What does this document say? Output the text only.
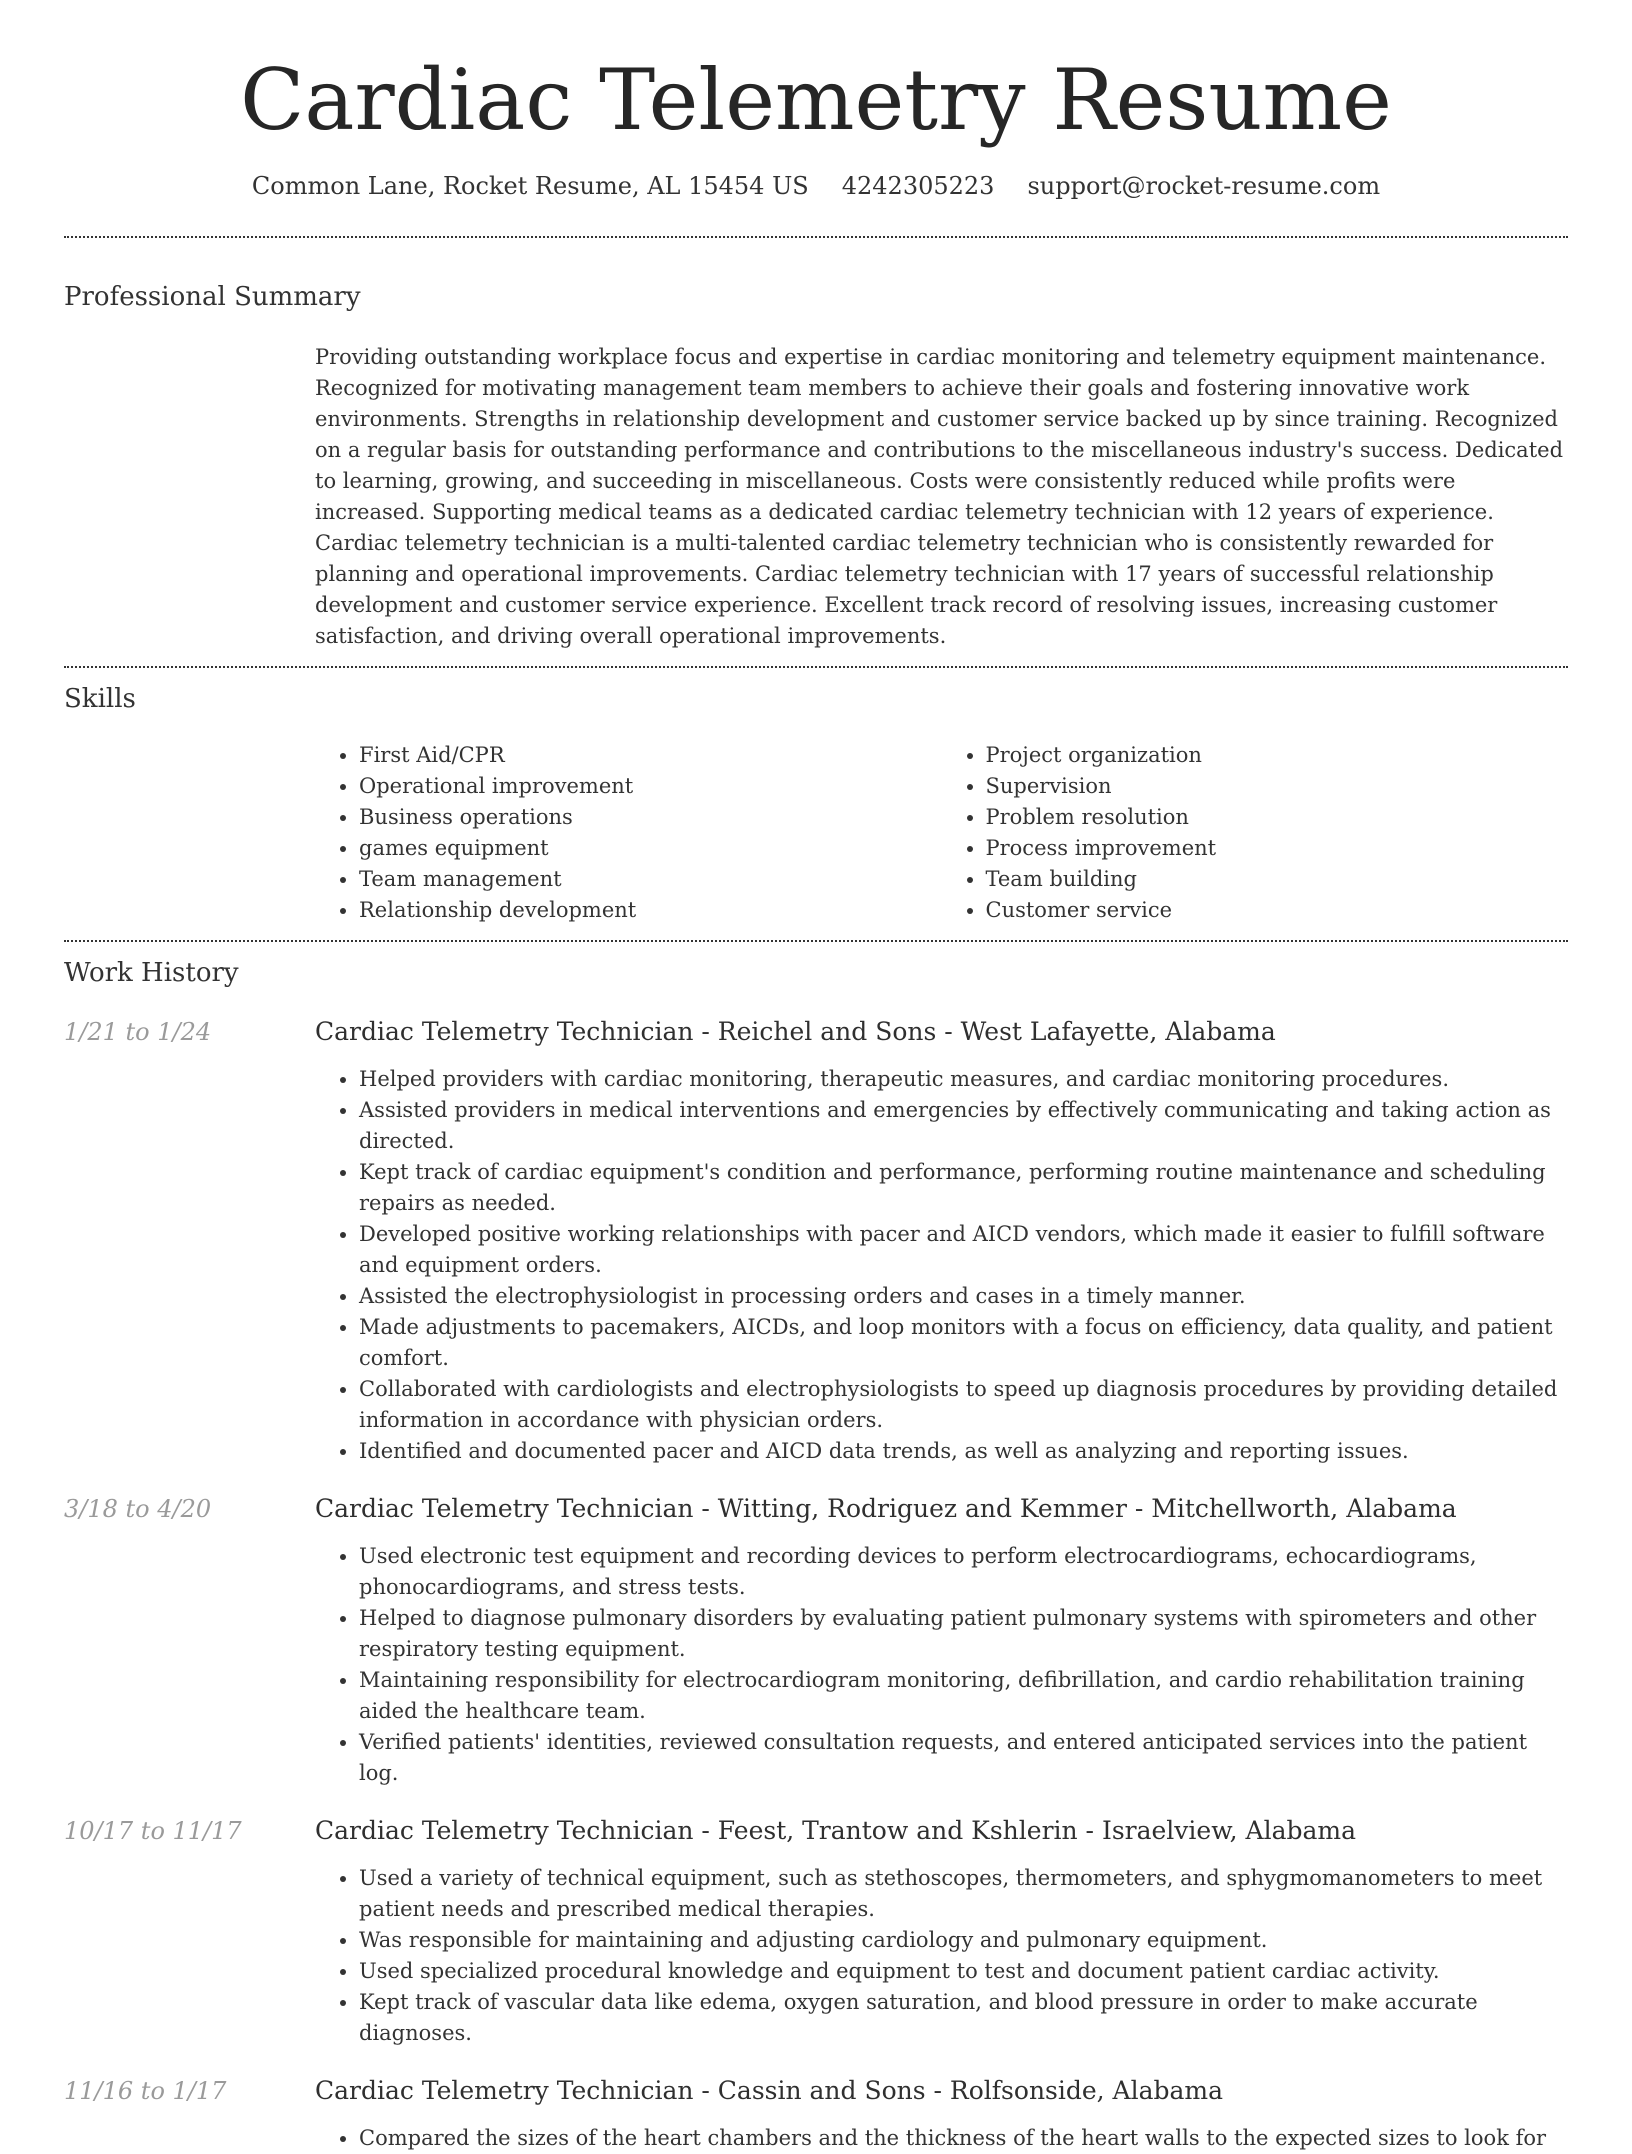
Cardiac Telemetry Resume
Common Lane, Rocket Resume, AL 15454 US 4242305223 support@rocket-resume.com
Professional Summary

Providing outstanding workplace focus and expertise in cardiac monitoring and telemetry equipment maintenance. Recognized for motivating management team members to achieve their goals and fostering innovative work environments. Strengths in relationship development and customer service backed up by since training. Recognized on a regular basis for outstanding performance and contributions to the miscellaneous industry's success. Dedicated to learning, growing, and succeeding in miscellaneous. Costs were consistently reduced while profits were increased. Supporting medical teams as a dedicated cardiac telemetry technician with 12 years of experience. Cardiac telemetry technician is a multi-talented cardiac telemetry technician who is consistently rewarded for planning and operational improvements. Cardiac telemetry technician with 17 years of successful relationship development and customer service experience. Excellent track record of resolving issues, increasing customer satisfaction, and driving overall operational improvements.

Skills
• First Aid/CPR
• Operational improvement
• Business operations
• games equipment
• Team management
• Relationship development
• Project organization
• Supervision
• Problem resolution
• Process improvement
• Team building
• Customer service
Work History
1/21 to 1/24	Cardiac Telemetry Technician - Reichel and Sons - West Lafayette, Alabama
• Helped providers with cardiac monitoring, therapeutic measures, and cardiac monitoring procedures.
• Assisted providers in medical interventions and emergencies by effectively communicating and taking action as directed.
• Kept track of cardiac equipment's condition and performance, performing routine maintenance and scheduling repairs as needed.
• Developed positive working relationships with pacer and AICD vendors, which made it easier to fulfill software and equipment orders.
• Assisted the electrophysiologist in processing orders and cases in a timely manner.
• Made adjustments to pacemakers, AICDs, and loop monitors with a focus on efficiency, data quality, and patient comfort.
• Collaborated with cardiologists and electrophysiologists to speed up diagnosis procedures by providing detailed information in accordance with physician orders.
• Identified and documented pacer and AICD data trends, as well as analyzing and reporting issues.
3/18 to 4/20	Cardiac Telemetry Technician - Witting, Rodriguez and Kemmer - Mitchellworth, Alabama
• Used electronic test equipment and recording devices to perform electrocardiograms, echocardiograms, phonocardiograms, and stress tests.
• Helped to diagnose pulmonary disorders by evaluating patient pulmonary systems with spirometers and other respiratory testing equipment.
• Maintaining responsibility for electrocardiogram monitoring, defibrillation, and cardio rehabilitation training aided the healthcare team.
• Verified patients' identities, reviewed consultation requests, and entered anticipated services into the patient log.
10/17 to 11/17	Cardiac Telemetry Technician - Feest, Trantow and Kshlerin - Israelview, Alabama
• Used a variety of technical equipment, such as stethoscopes, thermometers, and sphygmomanometers to meet patient needs and prescribed medical therapies.
• Was responsible for maintaining and adjusting cardiology and pulmonary equipment.
• Used specialized procedural knowledge and equipment to test and document patient cardiac activity.
• Kept track of vascular data like edema, oxygen saturation, and blood pressure in order to make accurate diagnoses.
11/16 to 1/17	Cardiac Telemetry Technician - Cassin and Sons - Rolfsonside, Alabama
• Compared the sizes of the heart chambers and the thickness of the heart walls to the expected sizes to look for
